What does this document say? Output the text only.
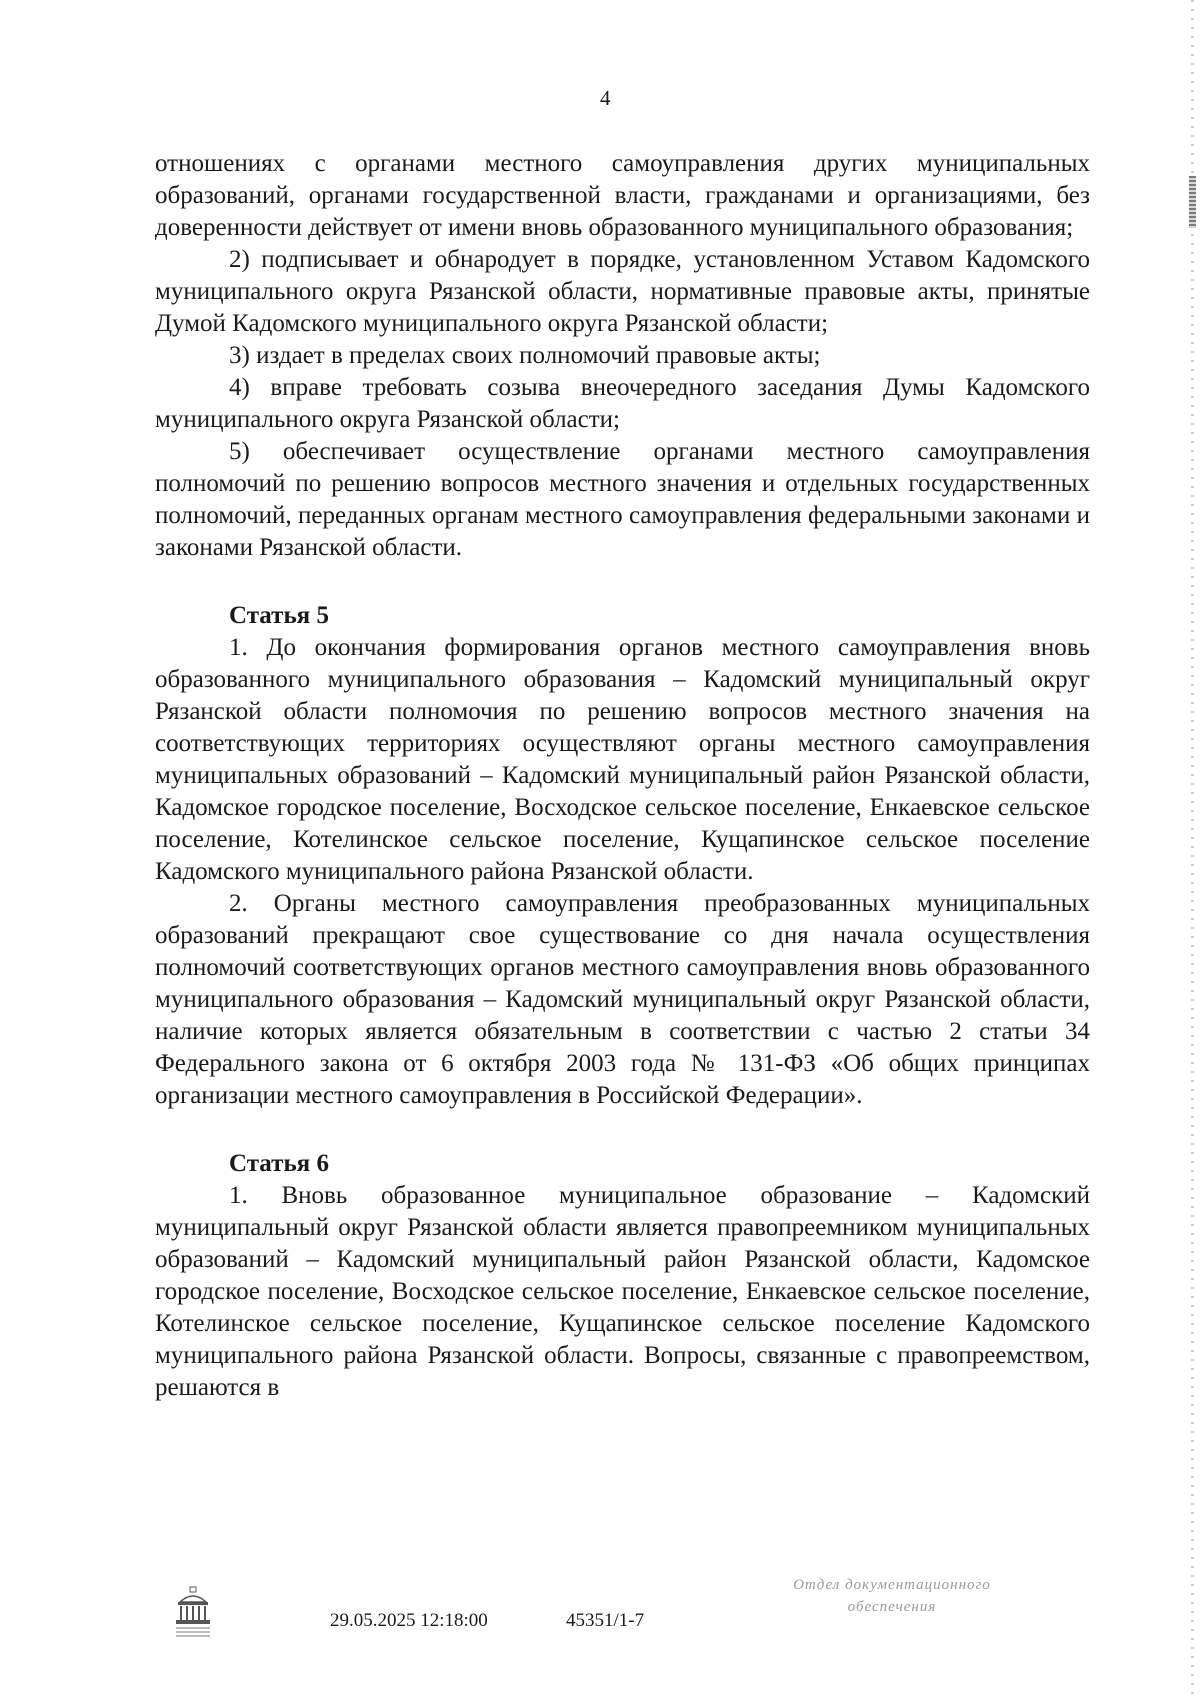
4

отношениях с органами местного самоуправления других муниципальных образований, органами государственной власти, гражданами и организациями, без доверенности действует от имени вновь образованного муниципального образования;

2) подписывает и обнародует в порядке, установленном Уставом Кадомского муниципального округа Рязанской области, нормативные правовые акты, принятые Думой Кадомского муниципального округа Рязанской области;

3) издает в пределах своих полномочий правовые акты;

4) вправе требовать созыва внеочередного заседания Думы Кадомского муниципального округа Рязанской области;

5) обеспечивает осуществление органами местного самоуправления полномочий по решению вопросов местного значения и отдельных государственных полномочий, переданных органам местного самоуправления федеральными законами и законами Рязанской области.

Статья 5

1. До окончания формирования органов местного самоуправления вновь образованного муниципального образования – Кадомский муниципальный округ Рязанской области полномочия по решению вопросов местного значения на соответствующих территориях осуществляют органы местного самоуправления муниципальных образований – Кадомский муниципальный район Рязанской области, Кадомское городское поселение, Восходское сельское поселение, Енкаевское сельское поселение, Котелинское сельское поселение, Кущапинское сельское поселение Кадомского муниципального района Рязанской области.

2. Органы местного самоуправления преобразованных муниципальных образований прекращают свое существование со дня начала осуществления полномочий соответствующих органов местного самоуправления вновь образованного муниципального образования – Кадомский муниципальный округ Рязанской области, наличие которых является обязательным в соответствии с частью 2 статьи 34 Федерального закона от 6 октября 2003 года № 131-ФЗ «Об общих принципах организации местного самоуправления в Российской Федерации».

Статья 6

1. Вновь образованное муниципальное образование – Кадомский муниципальный округ Рязанской области является правопреемником муниципальных образований – Кадомский муниципальный район Рязанской области, Кадомское городское поселение, Восходское сельское поселение, Енкаевское сельское поселение, Котелинское сельское поселение, Кущапинское сельское поселение Кадомского муниципального района Рязанской области. Вопросы, связанные с правопреемством, решаются в

29.05.2025 12:18:00	45351/1-7
Отдел документационного
обеспечения
